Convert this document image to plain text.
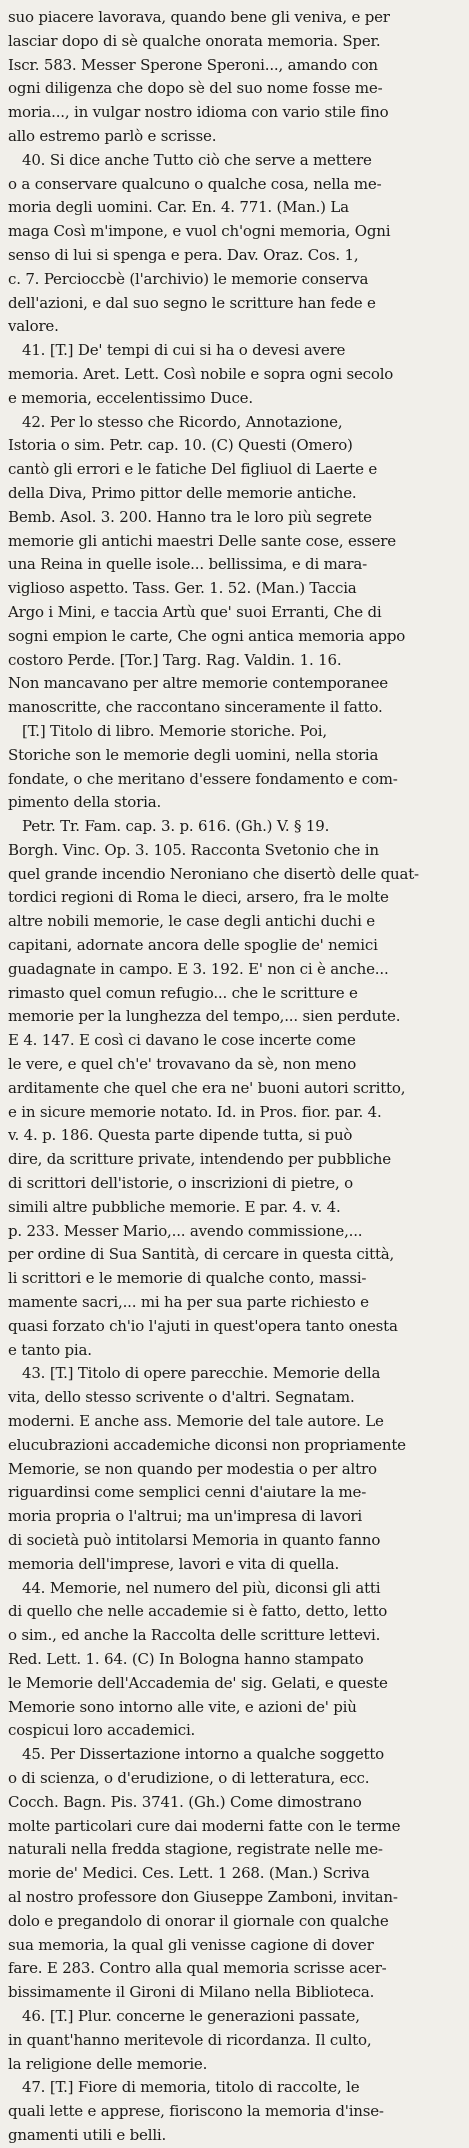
suo piacere lavorava, quando bene gli veniva, e per
lasciar dopo di sè qualche onorata memoria. Sper.
Iscr. 583. Messer Sperone Speroni..., amando con
ogni diligenza che dopo sè del suo nome fosse me-
moria..., in vulgar nostro idioma con vario stile fino
allo estremo parlò e scrisse.
40. Si dice anche Tutto ciò che serve a mettere
o a conservare qualcuno o qualche cosa, nella me-
moria degli uomini. Car. En. 4. 771. (Man.) La
maga Così m'impone, e vuol ch'ogni memoria, Ogni
senso di lui si spenga e pera. Dav. Oraz. Cos. 1,
c. 7. Percioccbè (l'archivio) le memorie conserva
dell'azioni, e dal suo segno le scritture han fede e
valore.
41. [T.] De' tempi di cui si ha o devesi avere
memoria. Aret. Lett. Così nobile e sopra ogni secolo
e memoria, eccelentissimo Duce.
42. Per lo stesso che Ricordo, Annotazione,
Istoria o sim. Petr. cap. 10. (C) Questi (Omero)
cantò gli errori e le fatiche Del figliuol di Laerte e
della Diva, Primo pittor delle memorie antiche.
Bemb. Asol. 3. 200. Hanno tra le loro più segrete
memorie gli antichi maestri Delle sante cose, essere
una Reina in quelle isole... bellissima, e di mara-
viglioso aspetto. Tass. Ger. 1. 52. (Man.) Taccia
Argo i Mini, e taccia Artù que' suoi Erranti, Che di
sogni empion le carte, Che ogni antica memoria appo
costoro Perde. [Tor.] Targ. Rag. Valdin. 1. 16.
Non mancavano per altre memorie contemporanee
manoscritte, che raccontano sinceramente il fatto.
[T.] Titolo di libro. Memorie storiche. Poi,
Storiche son le memorie degli uomini, nella storia
fondate, o che meritano d'essere fondamento e com-
pimento della storia.
Petr. Tr. Fam. cap. 3. p. 616. (Gh.) V. § 19.
Borgh. Vinc. Op. 3. 105. Racconta Svetonio che in
quel grande incendio Neroniano che disertò delle quat-
tordici regioni di Roma le dieci, arsero, fra le molte
altre nobili memorie, le case degli antichi duchi e
capitani, adornate ancora delle spoglie de' nemici
guadagnate in campo. E 3. 192. E' non ci è anche...
rimasto quel comun refugio... che le scritture e
memorie per la lunghezza del tempo,... sien perdute.
E 4. 147. E così ci davano le cose incerte come
le vere, e quel ch'e' trovavano da sè, non meno
arditamente che quel che era ne' buoni autori scritto,
e in sicure memorie notato. Id. in Pros. fior. par. 4.
v. 4. p. 186. Questa parte dipende tutta, si può
dire, da scritture private, intendendo per pubbliche
di scrittori dell'istorie, o inscrizioni di pietre, o
simili altre pubbliche memorie. E par. 4. v. 4.
p. 233. Messer Mario,... avendo commissione,...
per ordine di Sua Santità, di cercare in questa città,
li scrittori e le memorie di qualche conto, massi-
mamente sacri,... mi ha per sua parte richiesto e
quasi forzato ch'io l'ajuti in quest'opera tanto onesta
e tanto pia.
43. [T.] Titolo di opere parecchie. Memorie della
vita, dello stesso scrivente o d'altri. Segnatam.
moderni. E anche ass. Memorie del tale autore. Le
elucubrazioni accademiche diconsi non propriamente
Memorie, se non quando per modestia o per altro
riguardinsi come semplici cenni d'aiutare la me-
moria propria o l'altrui; ma un'impresa di lavori
di società può intitolarsi Memoria in quanto fanno
memoria dell'imprese, lavori e vita di quella.
44. Memorie, nel numero del più, diconsi gli atti
di quello che nelle accademie si è fatto, detto, letto
o sim., ed anche la Raccolta delle scritture lettevi.
Red. Lett. 1. 64. (C) In Bologna hanno stampato
le Memorie dell'Accademia de' sig. Gelati, e queste
Memorie sono intorno alle vite, e azioni de' più
cospicui loro accademici.
45. Per Dissertazione intorno a qualche soggetto
o di scienza, o d'erudizione, o di letteratura, ecc.
Cocch. Bagn. Pis. 3741. (Gh.) Come dimostrano
molte particolari cure dai moderni fatte con le terme
naturali nella fredda stagione, registrate nelle me-
morie de' Medici. Ces. Lett. 1 268. (Man.) Scriva
al nostro professore don Giuseppe Zamboni, invitan-
dolo e pregandolo di onorar il giornale con qualche
sua memoria, la qual gli venisse cagione di dover
fare. E 283. Contro alla qual memoria scrisse acer-
bissimamente il Gironi di Milano nella Biblioteca.
46. [T.] Plur. concerne le generazioni passate,
in quant'hanno meritevole di ricordanza. Il culto,
la religione delle memorie.
47. [T.] Fiore di memoria, titolo di raccolte, le
quali lette e apprese, fioriscono la memoria d'inse-
gnamenti utili e belli.
